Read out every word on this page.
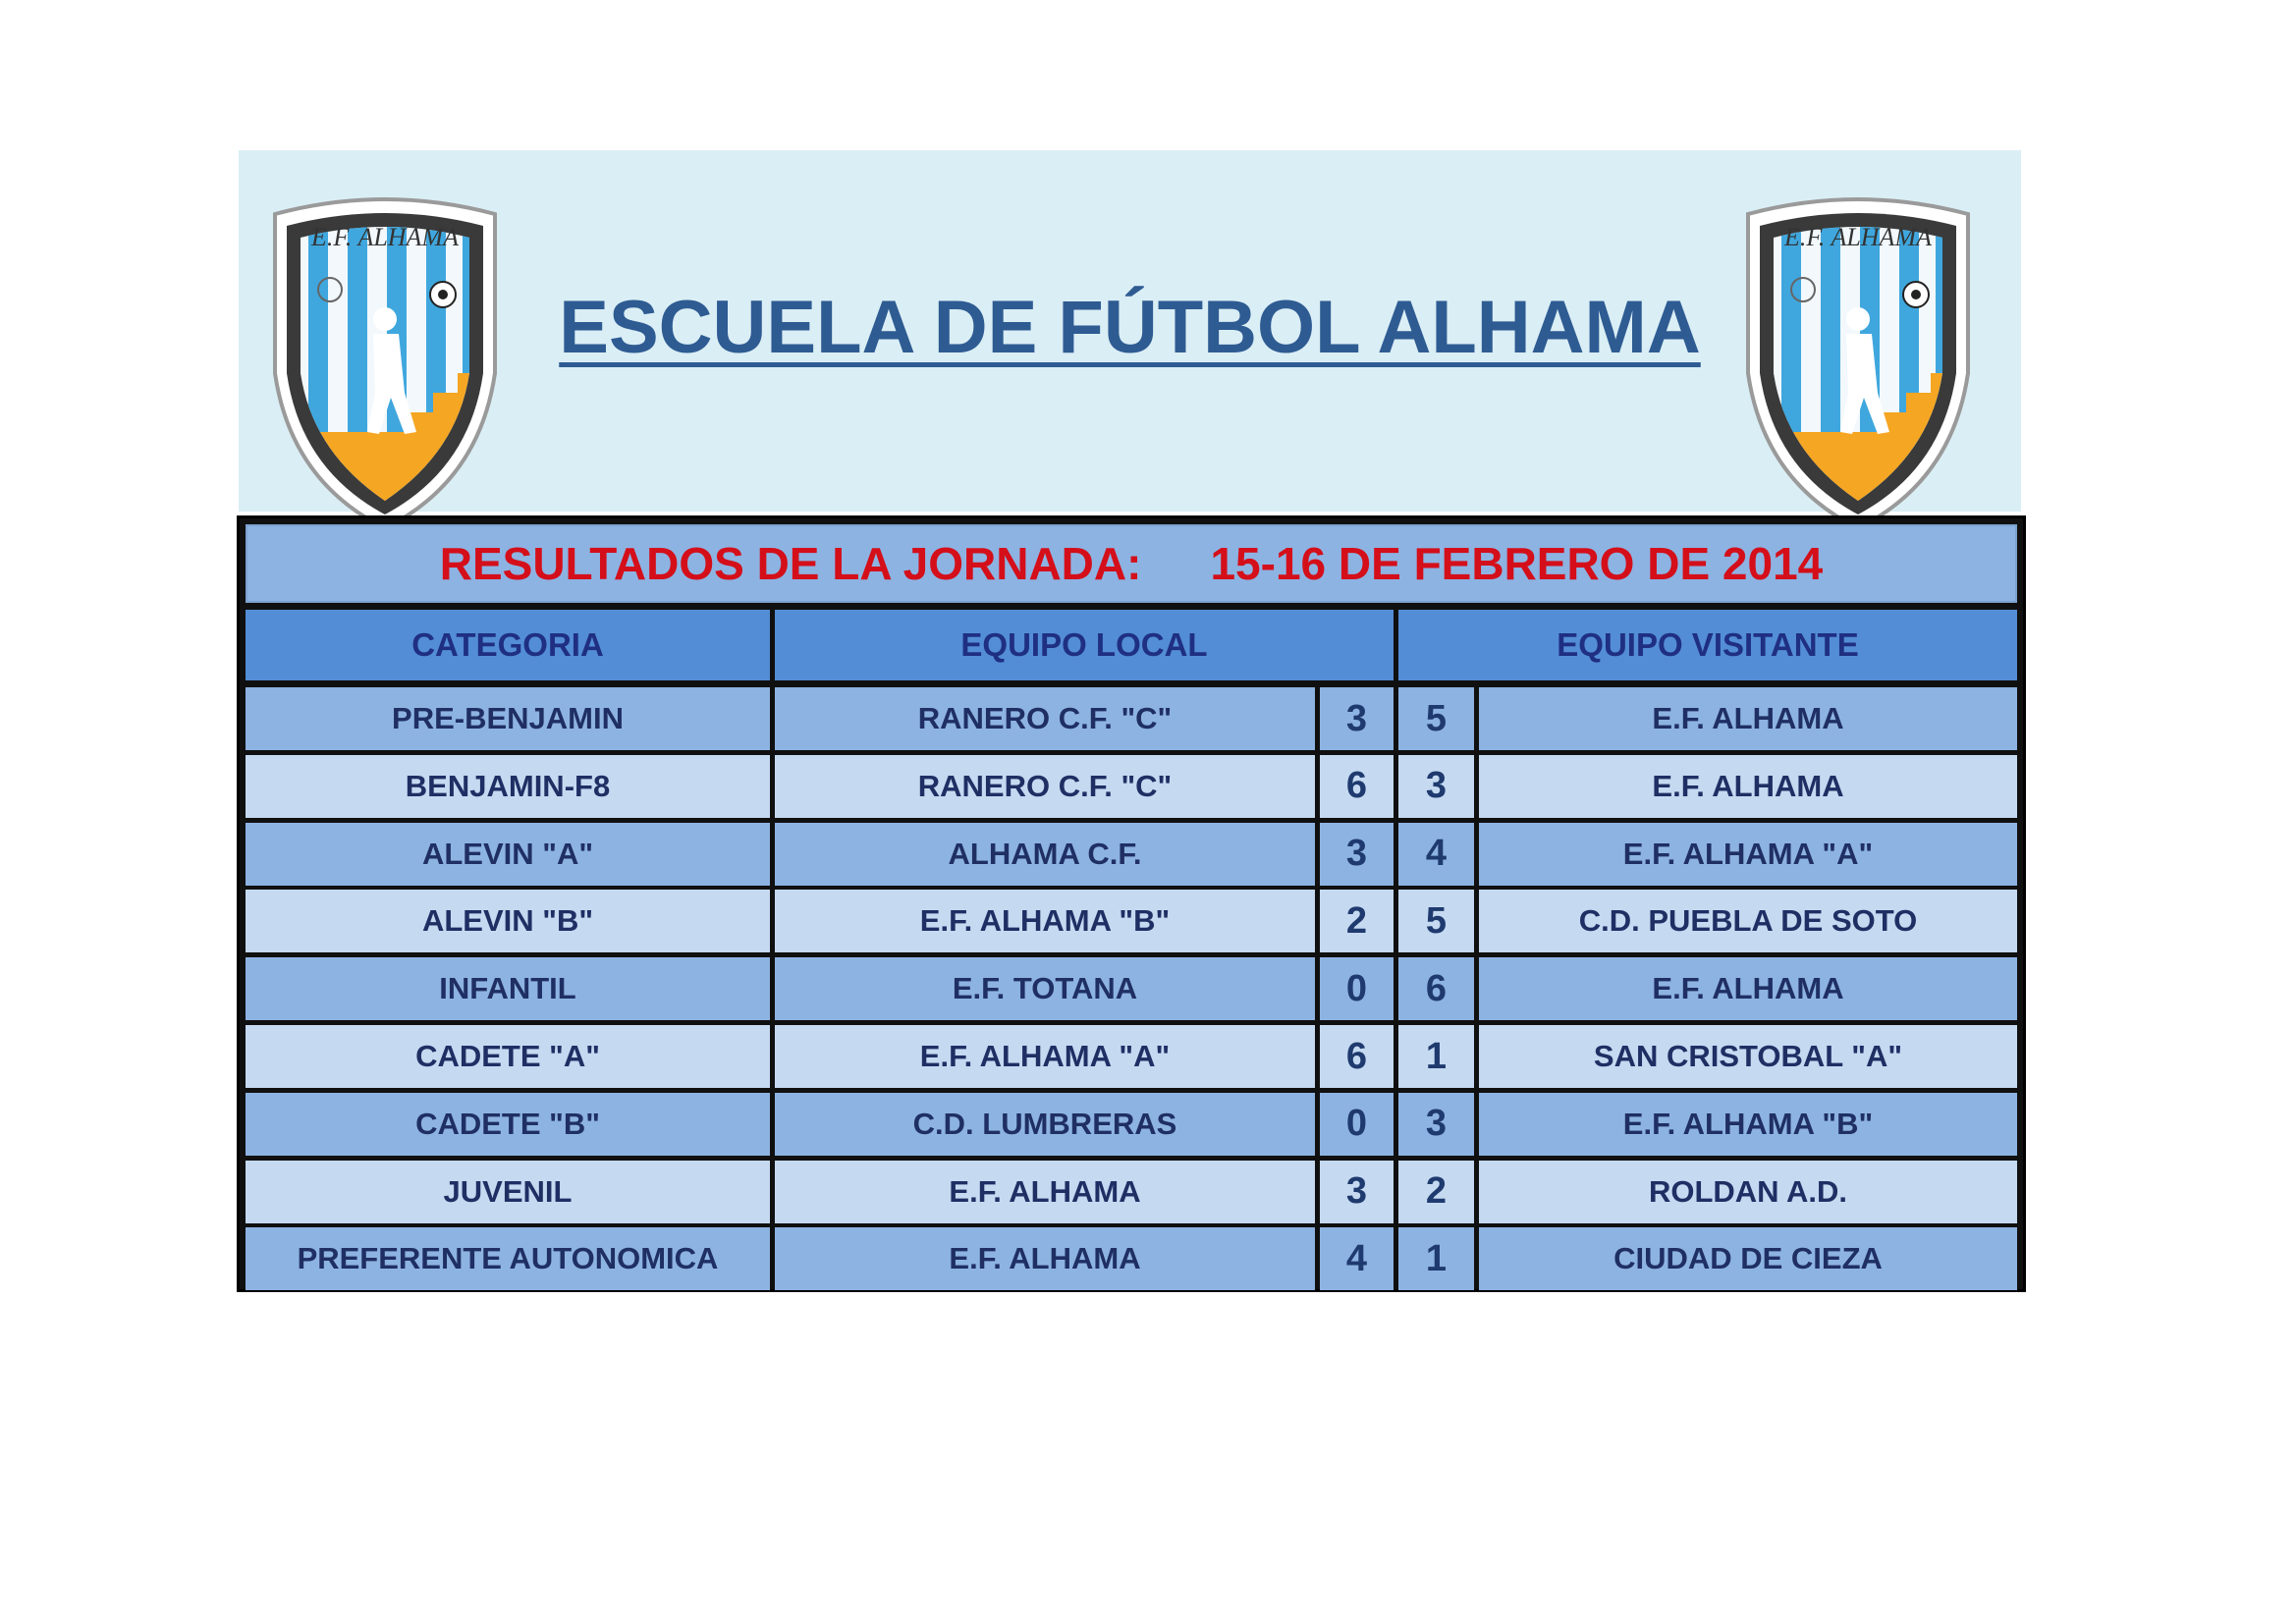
E.F. ALHAMA	E.F. ALHAMA
ESCUELA DE FÚTBOL ALHAMA
RESULTADOS DE LA JORNADA: 15-16 DE FEBRERO DE 2014
CATEGORIA	EQUIPO LOCAL	EQUIPO VISITANTE
PRE-BENJAMIN	RANERO C.F. "C"	3 5	E.F. ALHAMA
BENJAMIN-F8	RANERO C.F. "C"	6 3	E.F. ALHAMA
ALEVIN "A"	ALHAMA C.F.	3 4	E.F. ALHAMA "A"
ALEVIN "B"	E.F. ALHAMA "B"	2 5	C.D. PUEBLA DE SOTO
INFANTIL	E.F. TOTANA	0 6	E.F. ALHAMA
CADETE "A"	E.F. ALHAMA "A"	6 1	SAN CRISTOBAL "A"
CADETE "B"	C.D. LUMBRERAS	0 3	E.F. ALHAMA "B"
JUVENIL	E.F. ALHAMA	3 2	ROLDAN A.D.
PREFERENTE AUTONOMICA	E.F. ALHAMA	4 1	CIUDAD DE CIEZA
